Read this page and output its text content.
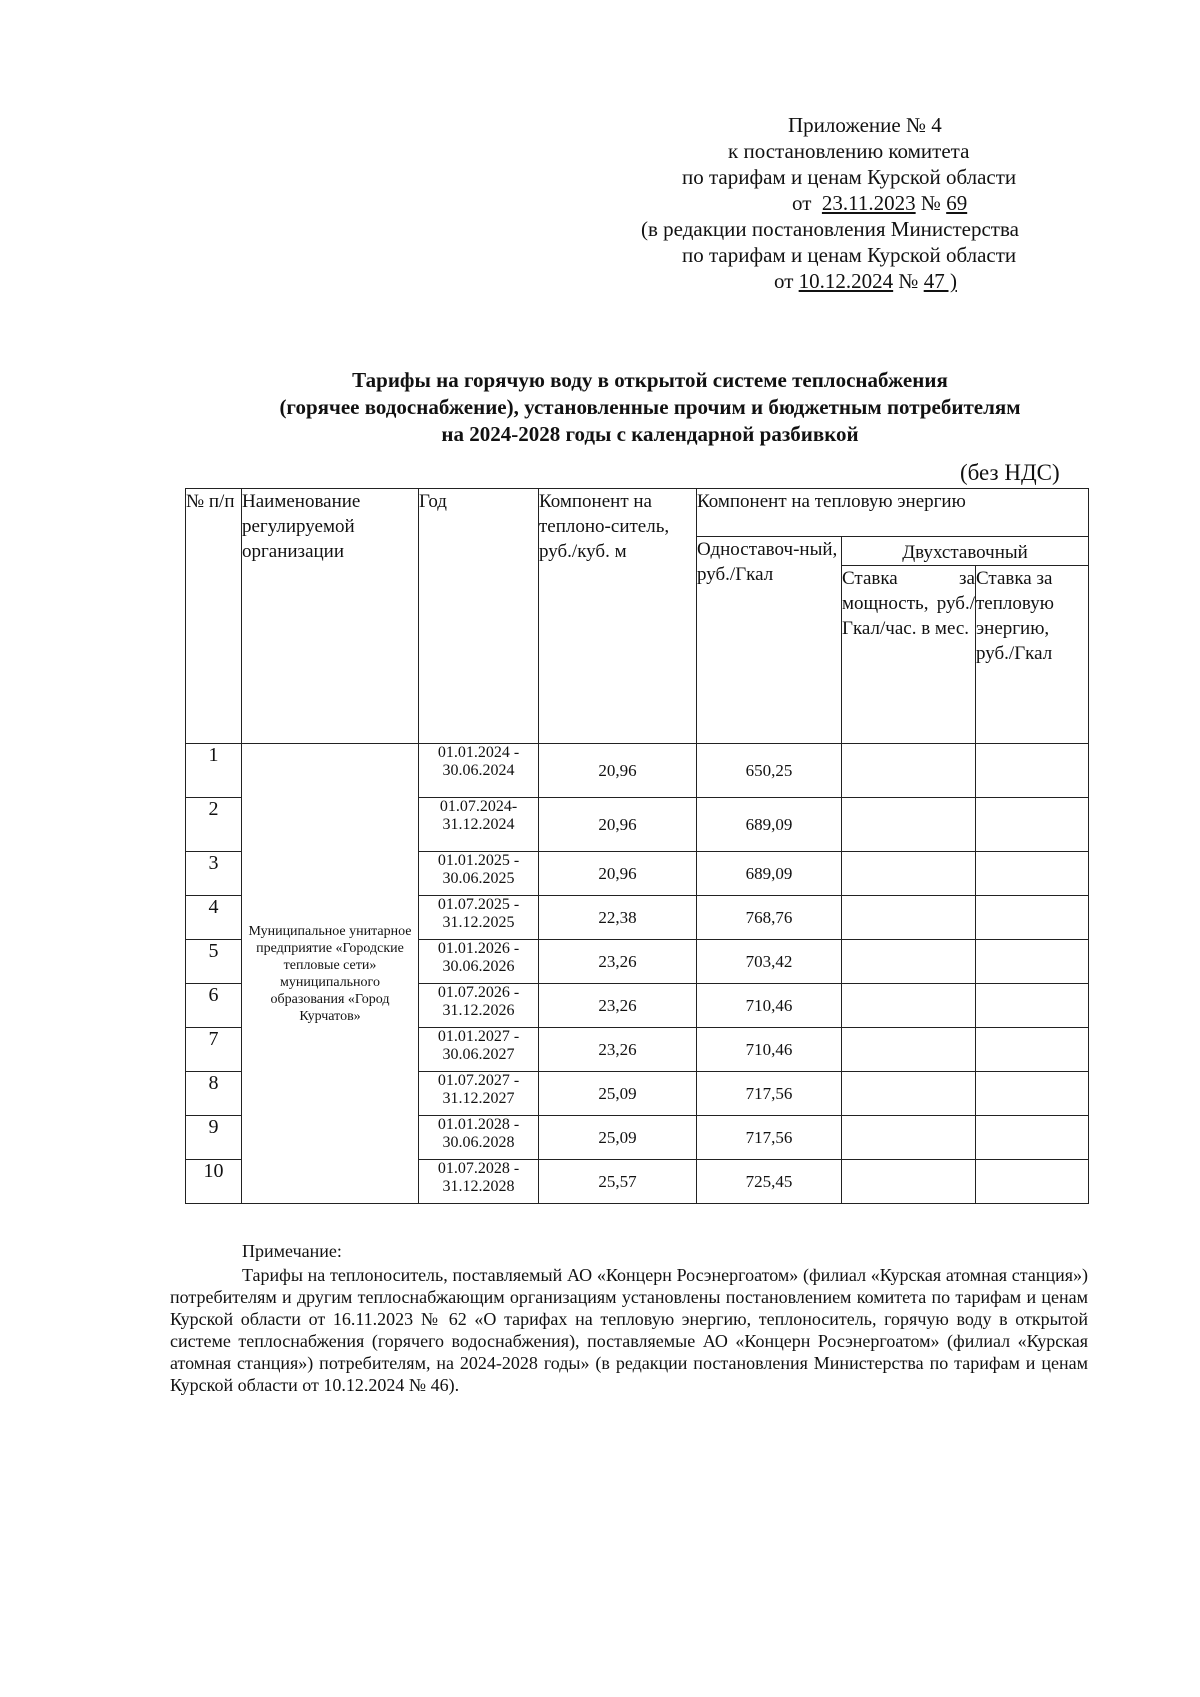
Приложение № 4
к постановлению комитета
по тарифам и ценам Курской области
от 23.11.2023 № 69
(в редакции постановления Министерства
по тарифам и ценам Курской области
от 10.12.2024 № 47 )
Тарифы на горячую воду в открытой системе теплоснабжения
(горячее водоснабжение), установленные прочим и бюджетным потребителям
на 2024-2028 годы с календарной разбивкой
(без НДС)
№ п/п	Наименование регулируемой организации	Год	Компонент на теплоно-ситель, руб./куб. м	Компонент на тепловую энергию		
				Одноставоч-ный, руб./Гкал	Двухставочный	
					Ставка за мощность, руб./Гкал/час. в мес.	Ставка за тепловую энергию, руб./Гкал
1	Муниципальное унитарное предприятие «Городские тепловые сети» муниципального образования «Город Курчатов»	01.01.2024 - 30.06.2024	20,96	650,25		
2		01.07.2024- 31.12.2024	20,96	689,09		
3		01.01.2025 - 30.06.2025	20,96	689,09		
4		01.07.2025 - 31.12.2025	22,38	768,76		
5		01.01.2026 - 30.06.2026	23,26	703,42		
6		01.07.2026 - 31.12.2026	23,26	710,46		
7		01.01.2027 - 30.06.2027	23,26	710,46		
8		01.07.2027 - 31.12.2027	25,09	717,56		
9		01.01.2028 - 30.06.2028	25,09	717,56		
10		01.07.2028 - 31.12.2028	25,57	725,45		
Примечание:
Тарифы на теплоноситель, поставляемый АО «Концерн Росэнергоатом» (филиал «Курская атомная станция») потребителям и другим теплоснабжающим организациям установлены постановлением комитета по тарифам и ценам Курской области от 16.11.2023 № 62 «О тарифах на тепловую энергию, теплоноситель, горячую воду в открытой системе теплоснабжения (горячего водоснабжения), поставляемые АО «Концерн Росэнергоатом» (филиал «Курская атомная станция») потребителям, на 2024-2028 годы» (в редакции постановления Министерства по тарифам и ценам Курской области от 10.12.2024 № 46).
